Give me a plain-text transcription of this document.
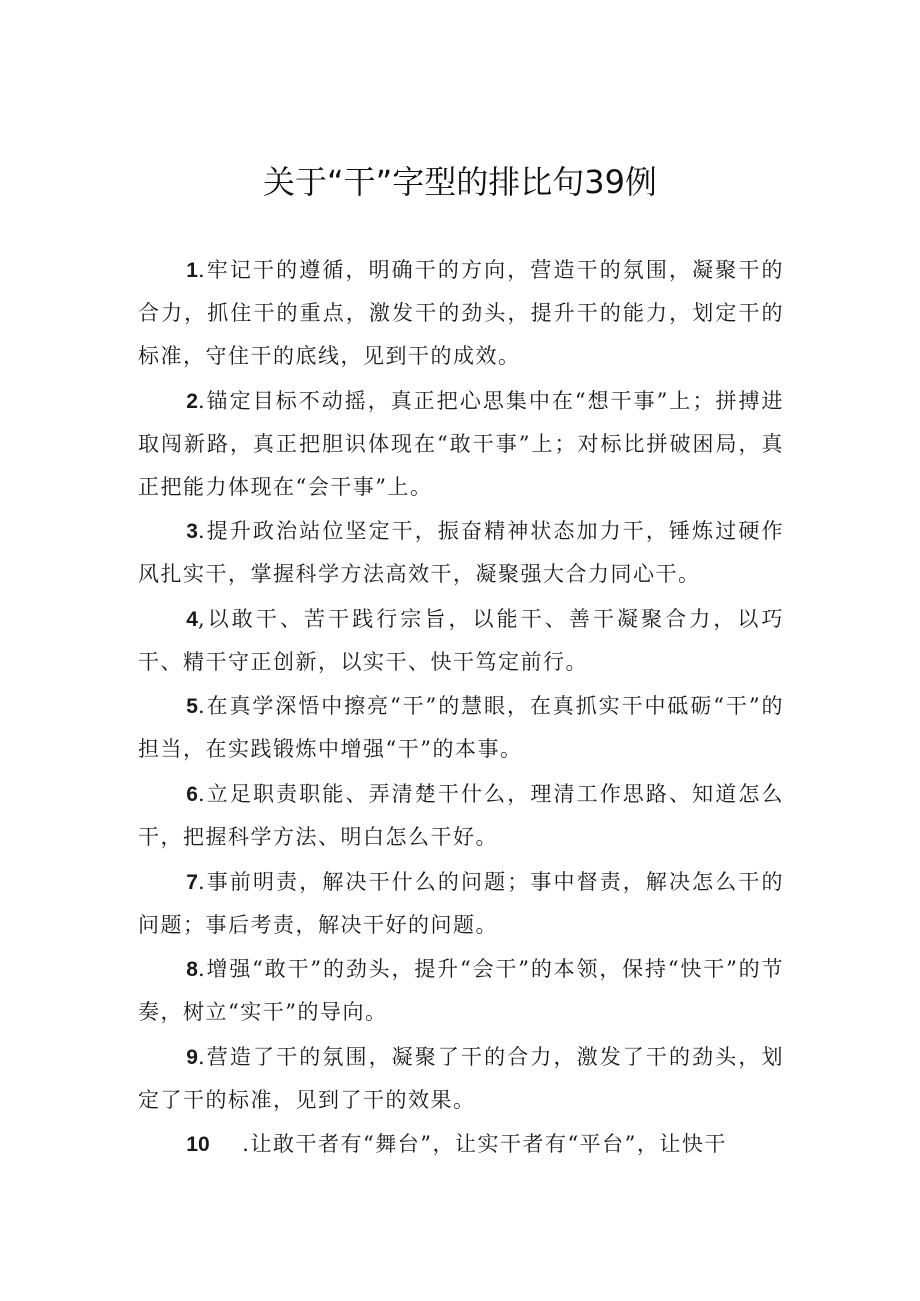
关于“干”字型的排比句39例

1.牢记干的遵循，明确干的方向，营造干的氛围，凝聚干的合力，抓住干的重点，激发干的劲头，提升干的能力，划定干的标准，守住干的底线，见到干的成效。

2.锚定目标不动摇，真正把心思集中在“想干事”上；拼搏进取闯新路，真正把胆识体现在“敢干事”上；对标比拼破困局，真正把能力体现在“会干事”上。

3.提升政治站位坚定干，振奋精神状态加力干，锤炼过硬作风扎实干，掌握科学方法高效干，凝聚强大合力同心干。

4,以敢干、苦干践行宗旨，以能干、善干凝聚合力，以巧干、精干守正创新，以实干、快干笃定前行。

5.在真学深悟中擦亮“干”的慧眼，在真抓实干中砥砺“干”的担当，在实践锻炼中增强“干”的本事。

6.立足职责职能、弄清楚干什么，理清工作思路、知道怎么干，把握科学方法、明白怎么干好。

7.事前明责，解决干什么的问题；事中督责，解决怎么干的问题；事后考责，解决干好的问题。

8.增强“敢干”的劲头，提升“会干”的本领，保持“快干”的节奏，树立“实干”的导向。

9.营造了干的氛围，凝聚了干的合力，激发了干的劲头，划定了干的标准，见到了干的效果。

10 .让敢干者有“舞台”，让实干者有“平台”，让快干
